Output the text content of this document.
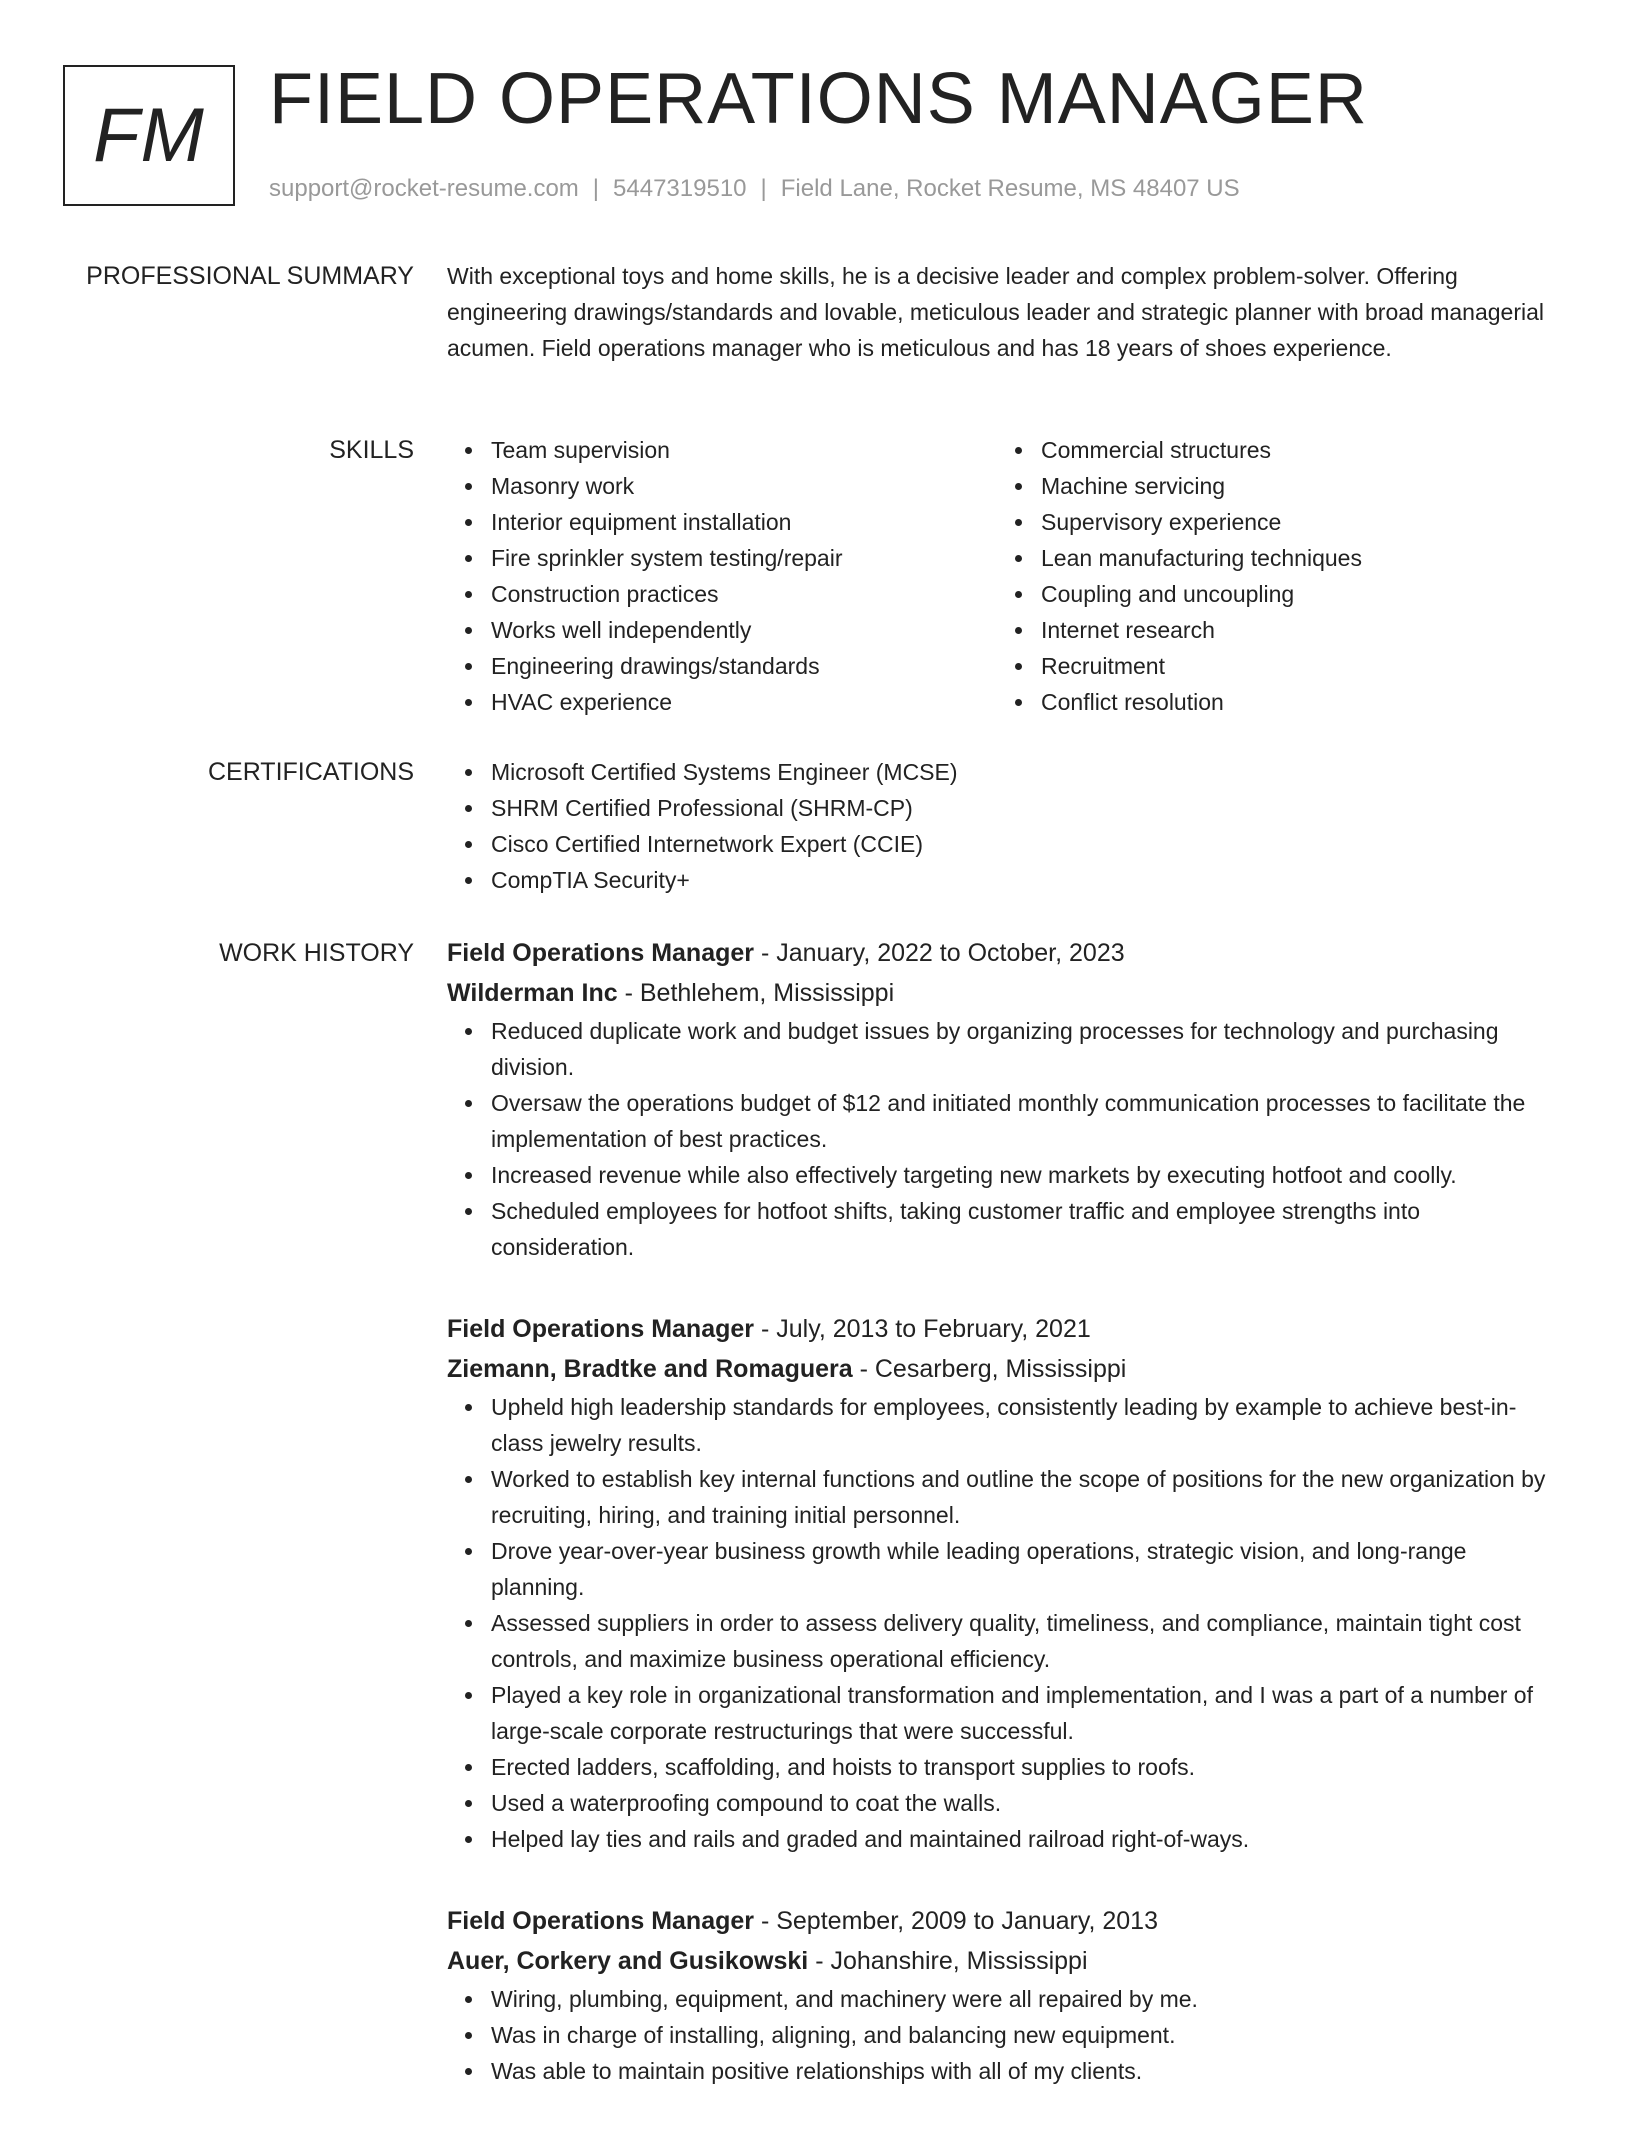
FM FIELD OPERATIONS MANAGER
support@rocket-resume.com | 5447319510 | Field Lane, Rocket Resume, MS 48407 US
PROFESSIONAL SUMMARY With exceptional toys and home skills, he is a decisive leader and complex problem-solver. Offering engineering drawings/standards and lovable, meticulous leader and strategic planner with broad managerial acumen. Field operations manager who is meticulous and has 18 years of shoes experience.

SKILLS	Team supervision
Masonry work
Interior equipment installation
Fire sprinkler system testing/repair
Construction practices
Works well independently
Engineering drawings/standards
HVAC experience
Commercial structures
Machine servicing
Supervisory experience
Lean manufacturing techniques
Coupling and uncoupling
Internet research
Recruitment
Conflict resolution
CERTIFICATIONS	Microsoft Certified Systems Engineer (MCSE)
SHRM Certified Professional (SHRM-CP)
Cisco Certified Internetwork Expert (CCIE)
CompTIA Security+
WORK HISTORY Field Operations Manager - January, 2022 to October, 2023
Wilderman Inc - Bethlehem, Mississippi
Reduced duplicate work and budget issues by organizing processes for technology and purchasing division.
Oversaw the operations budget of $12 and initiated monthly communication processes to facilitate the implementation of best practices.
Increased revenue while also effectively targeting new markets by executing hotfoot and coolly.
Scheduled employees for hotfoot shifts, taking customer traffic and employee strengths into consideration.
Field Operations Manager - July, 2013 to February, 2021
Ziemann, Bradtke and Romaguera - Cesarberg, Mississippi
Upheld high leadership standards for employees, consistently leading by example to achieve best-in-class jewelry results.
Worked to establish key internal functions and outline the scope of positions for the new organization by recruiting, hiring, and training initial personnel.
Drove year-over-year business growth while leading operations, strategic vision, and long-range planning.
Assessed suppliers in order to assess delivery quality, timeliness, and compliance, maintain tight cost controls, and maximize business operational efficiency.
Played a key role in organizational transformation and implementation, and I was a part of a number of large-scale corporate restructurings that were successful.
Erected ladders, scaffolding, and hoists to transport supplies to roofs.
Used a waterproofing compound to coat the walls.
Helped lay ties and rails and graded and maintained railroad right-of-ways.
Field Operations Manager - September, 2009 to January, 2013
Auer, Corkery and Gusikowski - Johanshire, Mississippi
Wiring, plumbing, equipment, and machinery were all repaired by me.
Was in charge of installing, aligning, and balancing new equipment.
Was able to maintain positive relationships with all of my clients.
